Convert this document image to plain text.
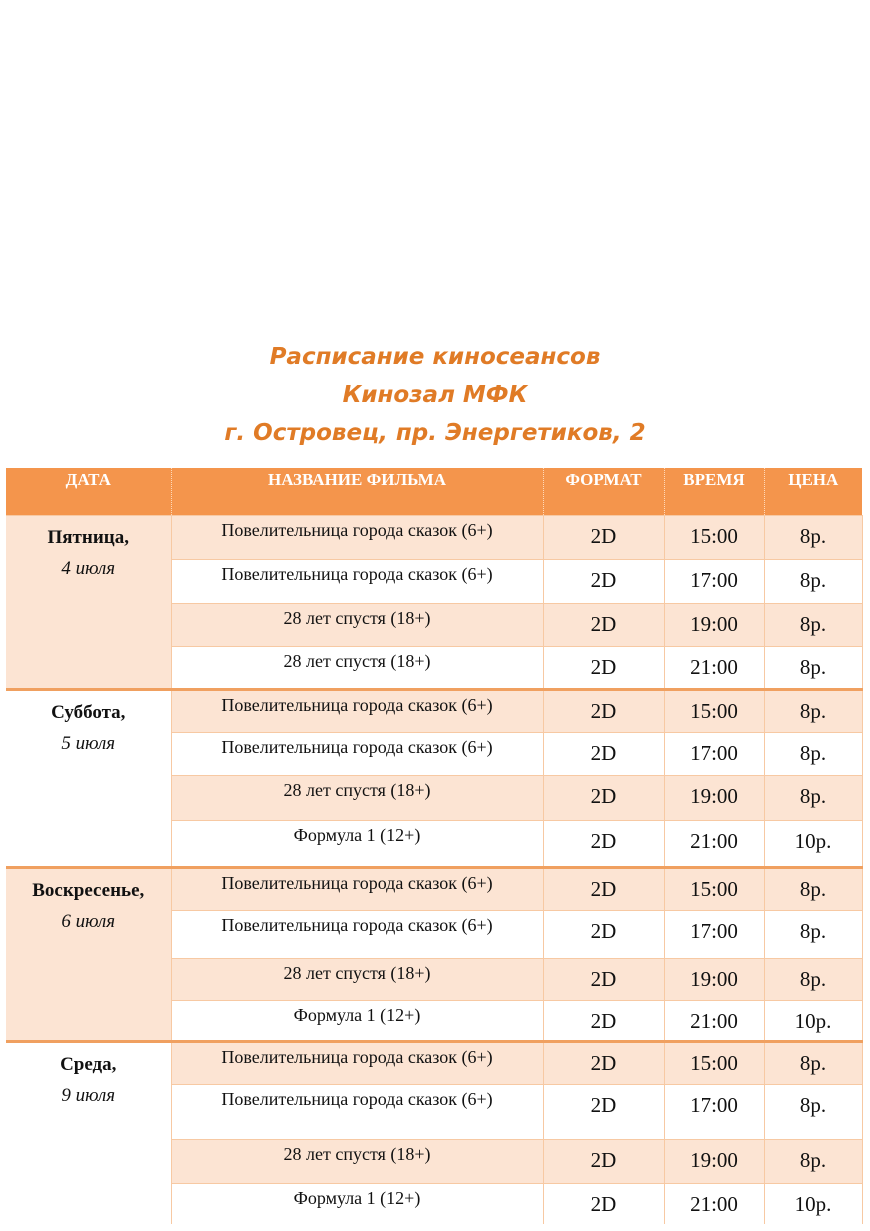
Расписание киносеансов
Кинозал МФК
г. Островец, пр. Энергетиков, 2
ДАТА	НАЗВАНИЕ ФИЛЬМА	ФОРМАТ	ВРЕМЯ	ЦЕНА

Пятница,
4 июля	Повелительница города сказок (6+)	2D	15:00	8р.
	Повелительница города сказок (6+)	2D	17:00	8р.
	28 лет спустя (18+)	2D	19:00	8р.
	28 лет спустя (18+)	2D	21:00	8р.

Суббота,
5 июля	Повелительница города сказок (6+)	2D	15:00	8р.
	Повелительница города сказок (6+)	2D	17:00	8р.
	28 лет спустя (18+)	2D	19:00	8р.
	Формула 1 (12+)	2D	21:00	10р.

Воскресенье,
6 июля	Повелительница города сказок (6+)	2D	15:00	8р.
	Повелительница города сказок (6+)	2D	17:00	8р.
	28 лет спустя (18+)	2D	19:00	8р.
	Формула 1 (12+)	2D	21:00	10р.

Среда,
9 июля	Повелительница города сказок (6+)	2D	15:00	8р.
	Повелительница города сказок (6+)	2D	17:00	8р.
	28 лет спустя (18+)	2D	19:00	8р.
	Формула 1 (12+)	2D	21:00	10р.
